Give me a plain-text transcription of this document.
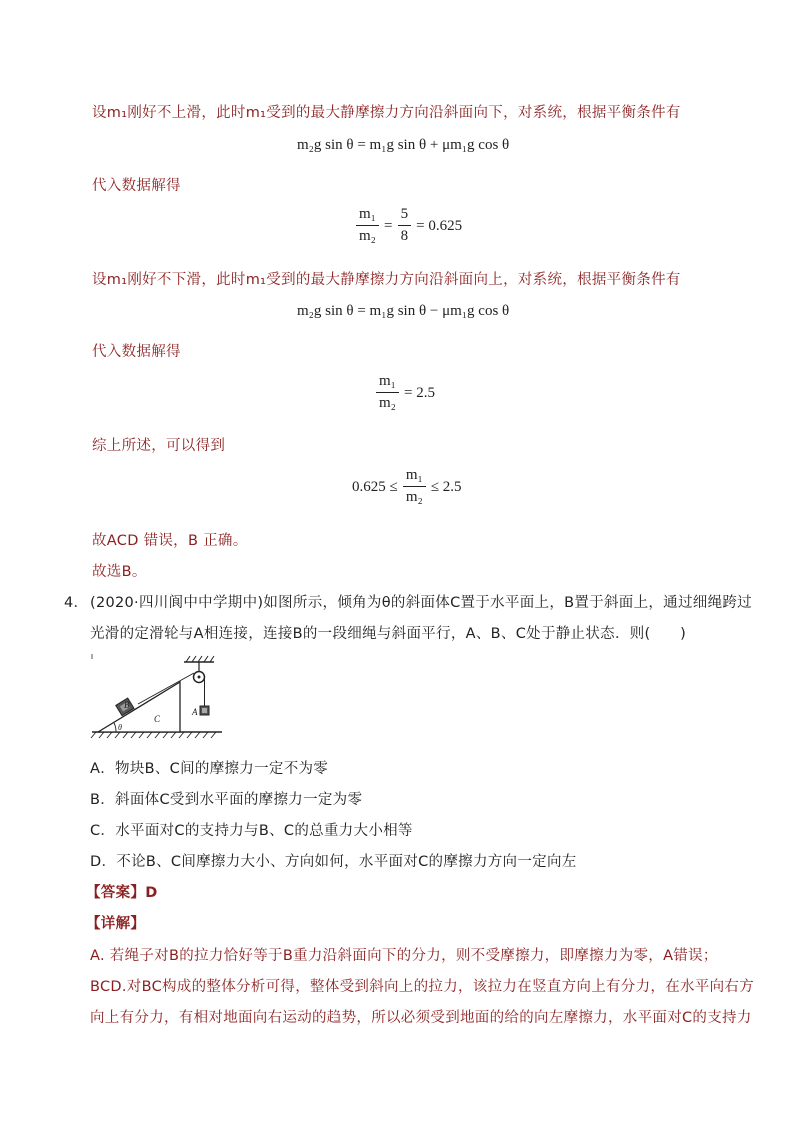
设m₁刚好不上滑，此时m₁受到的最大静摩擦力方向沿斜面向下，对系统，根据平衡条件有
m₂g sin θ = m₁g sin θ + μm₁g cos θ
代入数据解得
$\frac{\text{m₁}}{\text{m₂}} = \frac{5}{8} = 0.625$
设m₁刚好不下滑，此时m₁受到的最大静摩擦力方向沿斜面向上，对系统，根据平衡条件有
m₂g sin θ = m₁g sin θ − μm₁g cos θ
代入数据解得
$\frac{\text{m₁}}{\text{m₂}} = 2.5$
综上所述，可以得到
$0.625 \le \frac{\text{m₁}}{\text{m₂}} \le 2.5$
故ACD 错误，B 正确。
故选B。
4． (2020·四川阆中中学期中)如图所示，倾角为θ的斜面体C置于水平面上，B置于斜面上，通过细绳跨过
光滑的定滑轮与A相连接，连接B的一段细绳与斜面平行，A、B、C处于静止状态．则(　　)
B
C
A
θ
A．物块B、C间的摩擦力一定不为零
B．斜面体C受到水平面的摩擦力一定为零
C．水平面对C的支持力与B、C的总重力大小相等
D．不论B、C间摩擦力大小、方向如何，水平面对C的摩擦力方向一定向左
【答案】D
【详解】
A. 若绳子对B的拉力恰好等于B重力沿斜面向下的分力，则不受摩擦力，即摩擦力为零，A错误；
BCD.对BC构成的整体分析可得，整体受到斜向上的拉力，该拉力在竖直方向上有分力，在水平向右方
向上有分力，有相对地面向右运动的趋势，所以必须受到地面的给的向左摩擦力，水平面对C的支持力
